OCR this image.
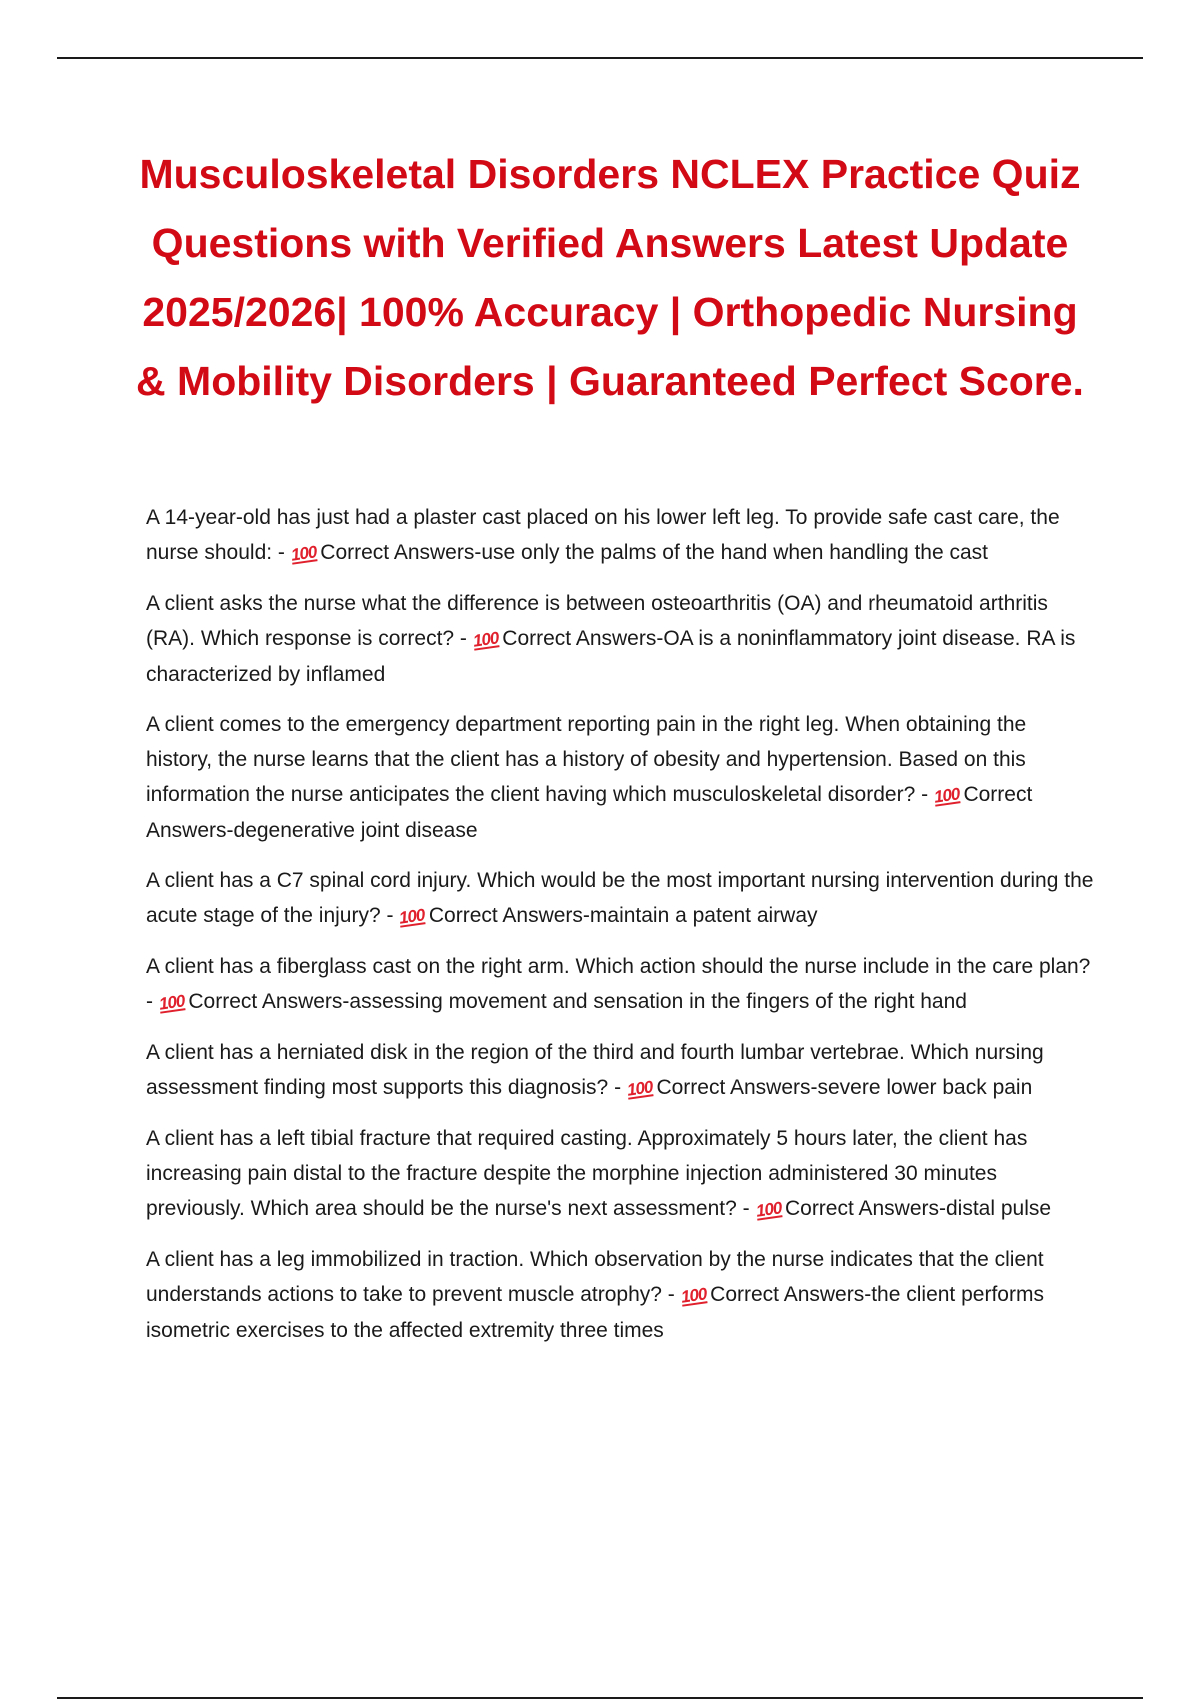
Musculoskeletal Disorders NCLEX Practice Quiz Questions with Verified Answers Latest Update 2025/2026| 100% Accuracy | Orthopedic Nursing & Mobility Disorders | Guaranteed Perfect Score.

A 14-year-old has just had a plaster cast placed on his lower left leg. To provide safe cast care, the nurse should: - 100 Correct Answers-use only the palms of the hand when handling the cast

A client asks the nurse what the difference is between osteoarthritis (OA) and rheumatoid arthritis (RA). Which response is correct? - 100 Correct Answers-OA is a noninflammatory joint disease. RA is characterized by inflamed

A client comes to the emergency department reporting pain in the right leg. When obtaining the history, the nurse learns that the client has a history of obesity and hypertension. Based on this information the nurse anticipates the client having which musculoskeletal disorder? - 100 Correct Answers-degenerative joint disease

A client has a C7 spinal cord injury. Which would be the most important nursing intervention during the acute stage of the injury? - 100 Correct Answers-maintain a patent airway

A client has a fiberglass cast on the right arm. Which action should the nurse include in the care plan? - 100 Correct Answers-assessing movement and sensation in the fingers of the right hand

A client has a herniated disk in the region of the third and fourth lumbar vertebrae. Which nursing assessment finding most supports this diagnosis? - 100 Correct Answers-severe lower back pain

A client has a left tibial fracture that required casting. Approximately 5 hours later, the client has increasing pain distal to the fracture despite the morphine injection administered 30 minutes previously. Which area should be the nurse's next assessment? - 100 Correct Answers-distal pulse

A client has a leg immobilized in traction. Which observation by the nurse indicates that the client understands actions to take to prevent muscle atrophy? - 100 Correct Answers-the client performs isometric exercises to the affected extremity three times
